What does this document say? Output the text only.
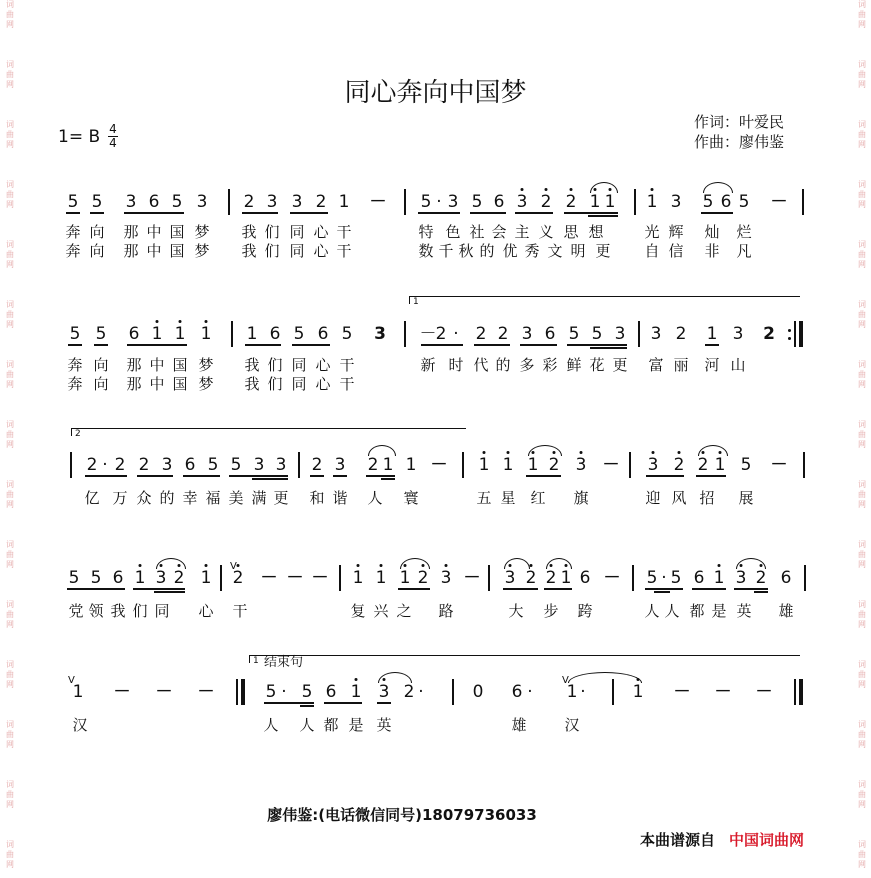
词
曲
网
词
曲
网
词
曲
网
词
曲
网
词
曲
网
词
曲
网
词
曲
网
词
曲
网
词
曲
网
词
曲
网
词
曲
网
词
曲
网
词
曲
网
词
曲
网
词
曲
网
词
曲
网
词
曲
网
词
曲
网
词
曲
网
词
曲
网
词
曲
网
词
曲
网
词
曲
网
词
曲
网
词
曲
网
词
曲
网
词
曲
网
词
曲
网
词
曲
网
词
曲
网
同心奔向中国梦
1= B 4
4
作词：叶爱民
作曲：廖伟鉴
5 5 3 6 5 3 2 3 3 2 1 － 5 · 3 5 6 3 2 2 1 1 1 3 5 6 5 －
奔 向 那 中 国 梦 我 们 同 心 干	特 色 社 会 主 义 思 想	光 辉 灿 烂
奔 向 那 中 国 梦 我 们 同 心 干	数 千 秋 的 优 秀 文 明 更 自 信 非 凡
1
5 5 6 1 1 1 1 6 5 6 5 3 － 2 · 2 2 3 6 5 5 3 3 2 1 3 2
奔 向 那 中 国 梦 我 们 同 心 干	新 时 代 的 多 彩 鲜 花 更 富 丽 河 山
奔 向 那 中 国 梦 我 们 同 心 干
2
2 · 2 2 3 6 5 5 3 3 2 3 2 1 1 － 1 1 1 2 3 － 3 2 2 1 5 －
亿 万 众 的 幸 福 美 满 更 和 谐 人 寰	五 星 红 旗	迎 风 招 展
5 5 6 1 3 2 1
V
2 － － － 1 1 1 2 3 － 3 2 2 1 6 － 5 · 5 6 1 3 2 6
党 领 我 们 同 心 干	复 兴 之 路	大 步 跨	人 人 都 是 英 雄
1 结束句
V
1 － － －	5 · 5 6 1 3 2 ·	0 6 ·
V
1 ·	1 － － －
汉	人 人 都 是 英	雄	汉
廖伟鉴:(电话微信同号)18079736033
本曲谱源自 中国词曲网
